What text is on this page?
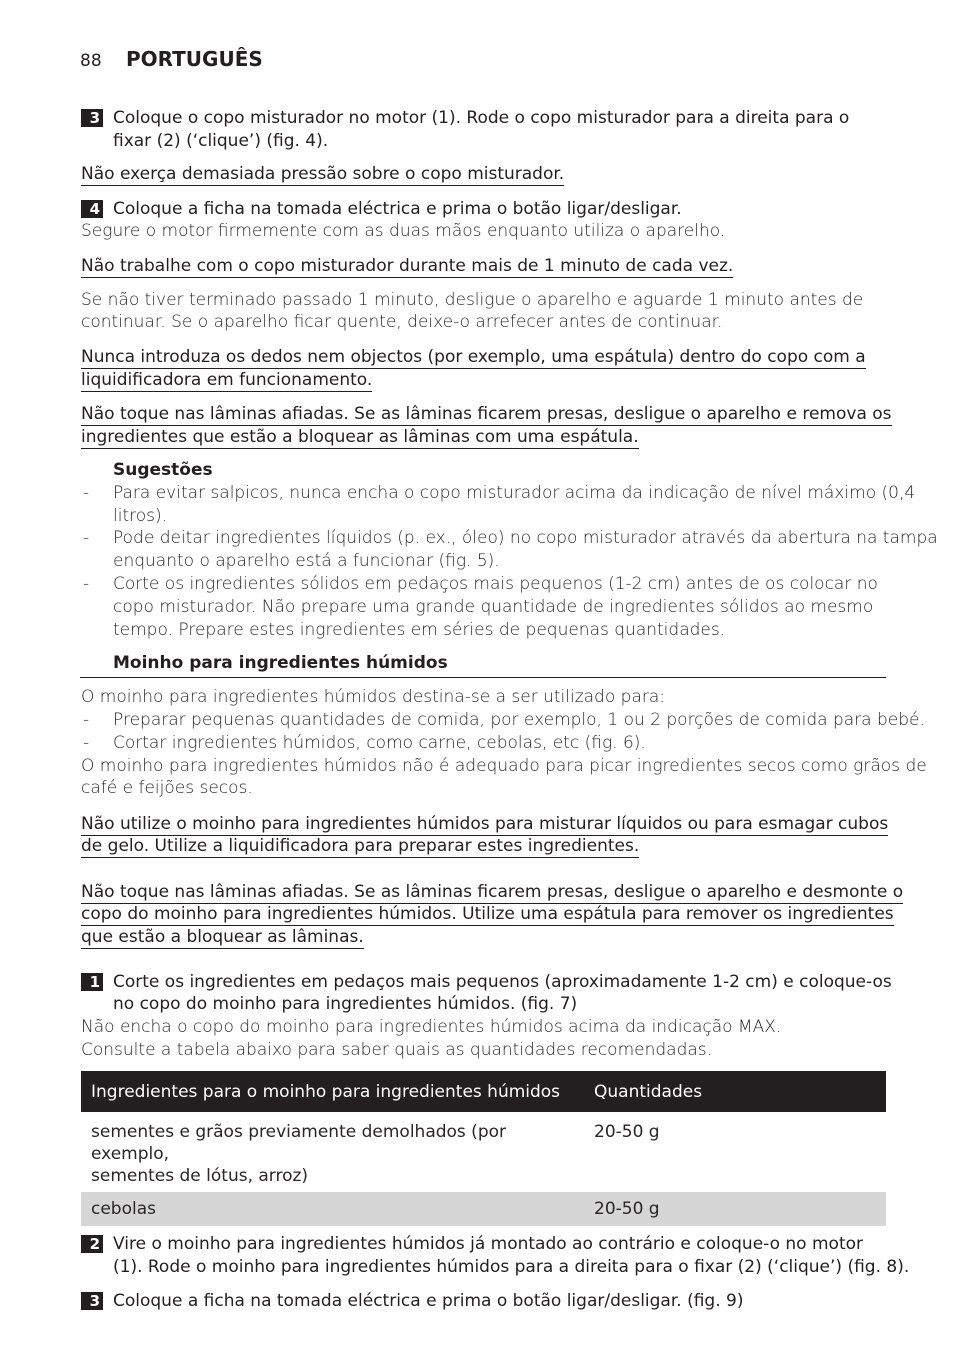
88 PORTUGUÊS
3 Coloque o copo misturador no motor (1). Rode o copo misturador para a direita para o
fixar (2) (‘clique’) (fig. 4).
Não exerça demasiada pressão sobre o copo misturador.
4 Coloque a ficha na tomada eléctrica e prima o botão ligar/desligar.
Segure o motor firmemente com as duas mãos enquanto utiliza o aparelho.
Não trabalhe com o copo misturador durante mais de 1 minuto de cada vez.
Se não tiver terminado passado 1 minuto, desligue o aparelho e aguarde 1 minuto antes de
continuar. Se o aparelho ficar quente, deixe-o arrefecer antes de continuar.
Nunca introduza os dedos nem objectos (por exemplo, uma espátula) dentro do copo com a
liquidificadora em funcionamento.
Não toque nas lâminas afiadas. Se as lâminas ficarem presas, desligue o aparelho e remova os
ingredientes que estão a bloquear as lâminas com uma espátula.
Sugestões
- Para evitar salpicos, nunca encha o copo misturador acima da indicação de nível máximo (0,4
litros).
- Pode deitar ingredientes líquidos (p. ex., óleo) no copo misturador através da abertura na tampa
enquanto o aparelho está a funcionar (fig. 5).
- Corte os ingredientes sólidos em pedaços mais pequenos (1-2 cm) antes de os colocar no
copo misturador. Não prepare uma grande quantidade de ingredientes sólidos ao mesmo
tempo. Prepare estes ingredientes em séries de pequenas quantidades.
Moinho para ingredientes húmidos
O moinho para ingredientes húmidos destina-se a ser utilizado para:
- Preparar pequenas quantidades de comida, por exemplo, 1 ou 2 porções de comida para bebé.
- Cortar ingredientes húmidos, como carne, cebolas, etc (fig. 6).
O moinho para ingredientes húmidos não é adequado para picar ingredientes secos como grãos de
café e feijões secos.
Não utilize o moinho para ingredientes húmidos para misturar líquidos ou para esmagar cubos
de gelo. Utilize a liquidificadora para preparar estes ingredientes.
Não toque nas lâminas afiadas. Se as lâminas ficarem presas, desligue o aparelho e desmonte o
copo do moinho para ingredientes húmidos. Utilize uma espátula para remover os ingredientes
que estão a bloquear as lâminas.
1 Corte os ingredientes em pedaços mais pequenos (aproximadamente 1-2 cm) e coloque-os
no copo do moinho para ingredientes húmidos. (fig. 7)
Não encha o copo do moinho para ingredientes húmidos acima da indicação MAX.
Consulte a tabela abaixo para saber quais as quantidades recomendadas.
Ingredientes para o moinho para ingredientes húmidos	Quantidades

sementes e grãos previamente demolhados (por exemplo,
sementes de lótus, arroz)	20-50 g
cebolas	20-50 g
2 Vire o moinho para ingredientes húmidos já montado ao contrário e coloque-o no motor
(1). Rode o moinho para ingredientes húmidos para a direita para o fixar (2) (‘clique’) (fig. 8).
3 Coloque a ficha na tomada eléctrica e prima o botão ligar/desligar. (fig. 9)
